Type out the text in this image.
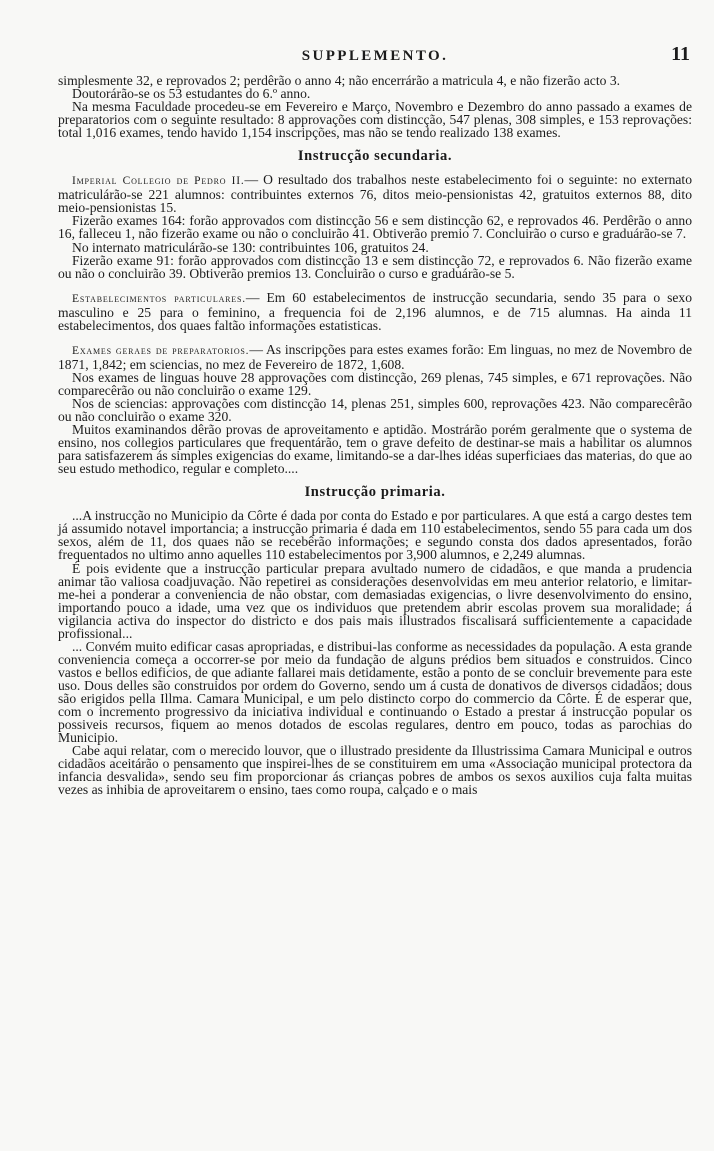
SUPPLEMENTO.	11

simplesmente 32, e reprovados 2; perdêrão o anno 4; não encerrárão a matricula 4, e não fizerão acto 3.

Doutorárão-se os 53 estudantes do 6.º anno.

Na mesma Faculdade procedeu-se em Fevereiro e Março, Novembro e Dezembro do anno passado a exames de preparatorios com o seguinte resultado: 8 approvações com distincção, 547 plenas, 308 simples, e 153 reprovações: total 1,016 exames, tendo havido 1,154 inscripções, mas não se tendo realizado 138 exames.

Instrucção secundaria.

Imperial Collegio de Pedro II.— O resultado dos trabalhos neste estabelecimento foi o seguinte: no externato matriculárão-se 221 alumnos: contribuintes externos 76, ditos meio-pensionistas 42, gratuitos externos 88, dito meio-pensionistas 15.

Fizerão exames 164: forão approvados com distincção 56 e sem distincção 62, e reprovados 46. Perdêrão o anno 16, falleceu 1, não fizerão exame ou não o concluirão 41. Obtiverão premio 7. Concluirão o curso e graduárão-se 7.

No internato matriculárão-se 130: contribuintes 106, gratuitos 24.

Fizerão exame 91: forão approvados com distincção 13 e sem distincção 72, e reprovados 6. Não fizerão exame ou não o concluirão 39. Obtiverão premios 13. Concluirão o curso e graduárão-se 5.

Estabelecimentos particulares.— Em 60 estabelecimentos de instrucção secundaria, sendo 35 para o sexo masculino e 25 para o feminino, a frequencia foi de 2,196 alumnos, e de 715 alumnas. Ha ainda 11 estabelecimentos, dos quaes faltão informações estatisticas.

Exames geraes de preparatorios.— As inscripções para estes exames forão: Em linguas, no mez de Novembro de 1871, 1,842; em sciencias, no mez de Fevereiro de 1872, 1,608.

Nos exames de linguas houve 28 approvações com distincção, 269 plenas, 745 simples, e 671 reprovações. Não comparecêrão ou não concluirão o exame 129.

Nos de sciencias: approvações com distincção 14, plenas 251, simples 600, reprovações 423. Não comparecêrão ou não concluirão o exame 320.

Muitos examinandos dêrão provas de aproveitamento e aptidão. Mostrárão porém geralmente que o systema de ensino, nos collegios particulares que frequentárão, tem o grave defeito de destinar-se mais a habilitar os alumnos para satisfazerem ás simples exigencias do exame, limitando-se a dar-lhes idéas superficiaes das materias, do que ao seu estudo methodico, regular e completo....

Instrucção primaria.

...A instrucção no Municipio da Côrte é dada por conta do Estado e por particulares. A que está a cargo destes tem já assumido notavel importancia; a instrucção primaria é dada em 110 estabelecimentos, sendo 55 para cada um dos sexos, além de 11, dos quaes não se recebêrão informações; e segundo consta dos dados apresentados, forão frequentados no ultimo anno aquelles 110 estabelecimentos por 3,900 alumnos, e 2,249 alumnas.

É pois evidente que a instrucção particular prepara avultado numero de cidadãos, e que manda a prudencia animar tão valiosa coadjuvação. Não repetirei as considerações desenvolvidas em meu anterior relatorio, e limitar-me-hei a ponderar a conveniencia de não obstar, com demasiadas exigencias, o livre desenvolvimento do ensino, importando pouco a idade, uma vez que os individuos que pretendem abrir escolas provem sua moralidade; á vigilancia activa do inspector do districto e dos pais mais illustrados fiscalisará sufficientemente a capacidade profissional...

... Convém muito edificar casas apropriadas, e distribui-las conforme as necessidades da população. A esta grande conveniencia começa a occorrer-se por meio da fundação de alguns prédios bem situados e construidos. Cinco vastos e bellos edificios, de que adiante fallarei mais detidamente, estão a ponto de se concluir brevemente para este uso. Dous delles são construidos por ordem do Governo, sendo um á custa de donativos de diversos cidadãos; dous são erigidos pella Illma. Camara Municipal, e um pelo distincto corpo do commercio da Côrte. É de esperar que, com o incremento progressivo da iniciativa individual e continuando o Estado a prestar á instrucção popular os possiveis recursos, fiquem ao menos dotados de escolas regulares, dentro em pouco, todas as parochias do Municipio.

Cabe aqui relatar, com o merecido louvor, que o illustrado presidente da Illustrissima Camara Municipal e outros cidadãos aceitárão o pensamento que inspirei-lhes de se constituirem em uma «Associação municipal protectora da infancia desvalida», sendo seu fim proporcionar ás crianças pobres de ambos os sexos auxilios cuja falta muitas vezes as inhibia de aproveitarem o ensino, taes como roupa, calçado e o mais
